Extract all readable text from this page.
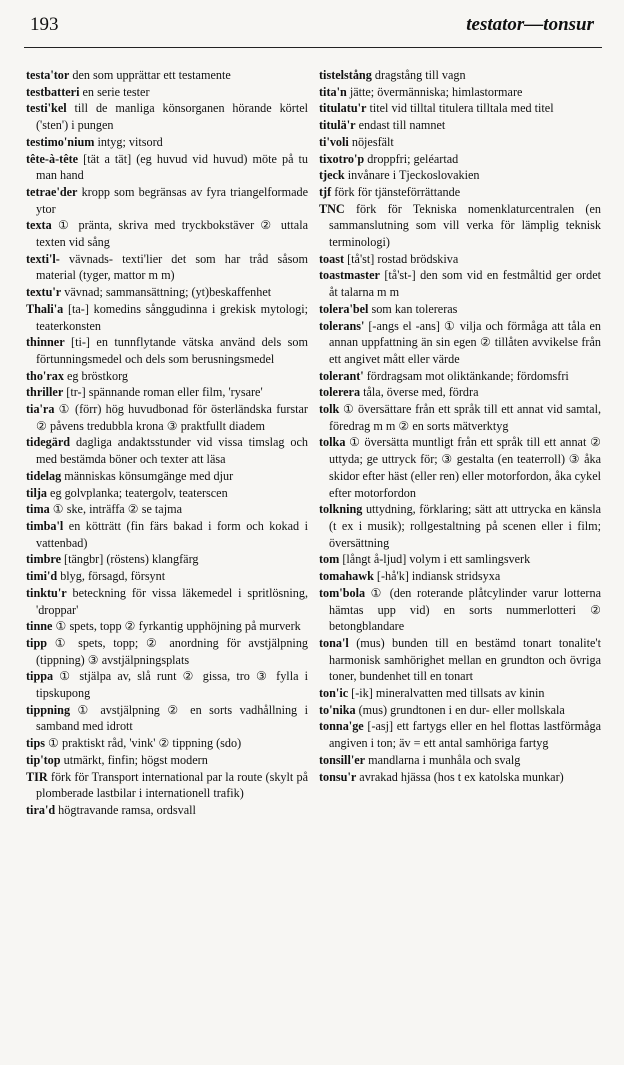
193	testator—tonsur
testa'tor den som upprättar ett testamente
testbatteri en serie tester
testi'kel till de manliga könsorganen hörande körtel ('sten') i pungen
testimo'nium intyg; vitsord
tête-à-tête [tät a tät] (eg huvud vid huvud) möte på tu man hand
tetrae'der kropp som begränsas av fyra triangelformade ytor
texta ① pränta, skriva med tryckbokstäver ② uttala texten vid sång
texti'l- vävnads- texti'lier det som har tråd såsom material (tyger, mattor m m)
textu'r vävnad; sammansättning; (yt)beskaffenhet
Thali'a [ta-] komedins sånggudinna i grekisk mytologi; teaterkonsten
thinner [ti-] en tunnflytande vätska använd dels som förtunningsmedel och dels som berusningsmedel
tho'rax eg bröstkorg
thriller [tr-] spännande roman eller film, 'rysare'
tia'ra ① (förr) hög huvudbonad för österländska furstar ② påvens tredubbla krona ③ praktfullt diadem
tidegärd dagliga andaktsstunder vid vissa timslag och med bestämda böner och texter att läsa
tidelag människas könsumgänge med djur
tilja eg golvplanka; teatergolv, teaterscen
tima ① ske, inträffa ② se tajma
timba'l en kötträtt (fin färs bakad i form och kokad i vattenbad)
timbre [tängbr] (röstens) klangfärg
timi'd blyg, försagd, försynt
tinktu'r beteckning för vissa läkemedel i spritlösning, 'droppar'
tinne ① spets, topp ② fyrkantig upphöjning på murverk
tipp ① spets, topp; ② anordning för avstjälpning (tippning) ③ avstjälpningsplats
tippa ① stjälpa av, slå runt ② gissa, tro ③ fylla i tipskupong
tippning ① avstjälpning ② en sorts vadhållning i samband med idrott
tips ① praktiskt råd, 'vink' ② tippning (sdo)
tip'top utmärkt, finfin; högst modern
TIR förk för Transport international par la route (skylt på plomberade lastbilar i internationell trafik)
tira'd högtravande ramsa, ordsvall
tistelstång dragstång till vagn
tita'n jätte; övermänniska; himlastormare
titulatu'r titel vid tilltal titulera tilltala med titel
titulä'r endast till namnet
ti'voli nöjesfält
tixotro'p droppfri; geléartad
tjeck invånare i Tjeckoslovakien
tjf förk för tjänsteförrättande
TNC förk för Tekniska nomenklaturcentralen (en sammanslutning som vill verka för lämplig teknisk terminologi)
toast [tå'st] rostad brödskiva
toastmaster [tå'st-] den som vid en festmåltid ger ordet åt talarna m m
tolera'bel som kan tolereras
tolerans' [-angs el -ans] ① vilja och förmåga att tåla en annan uppfattning än sin egen ② tillåten avvikelse från ett angivet mått eller värde
tolerant' fördragsam mot oliktänkande; fördomsfri
tolerera tåla, överse med, fördra
tolk ① översättare från ett språk till ett annat vid samtal, föredrag m m ② en sorts mätverktyg
tolka ① översätta muntligt från ett språk till ett annat ② uttyda; ge uttryck för; ③ gestalta (en teaterroll) ③ åka skidor efter häst (eller ren) eller motorfordon, åka cykel efter motorfordon
tolkning uttydning, förklaring; sätt att uttrycka en känsla (t ex i musik); rollgestaltning på scenen eller i film; översättning
tom [långt å-ljud] volym i ett samlingsverk
tomahawk [-hå'k] indiansk stridsyxa
tom'bola ① (den roterande plåtcylinder varur lotterna hämtas upp vid) en sorts nummerlotteri ② betongblandare
tona'l (mus) bunden till en bestämd tonart tonalite't harmonisk samhörighet mellan en grundton och övriga toner, bundenhet till en tonart
ton'ic [-ik] mineralvatten med tillsats av kinin
to'nika (mus) grundtonen i en dur- eller mollskala
tonna'ge [-asj] ett fartygs eller en hel flottas lastförmåga angiven i ton; äv = ett antal samhöriga fartyg
tonsill'er mandlarna i munhåla och svalg
tonsu'r avrakad hjässa (hos t ex katolska munkar)
